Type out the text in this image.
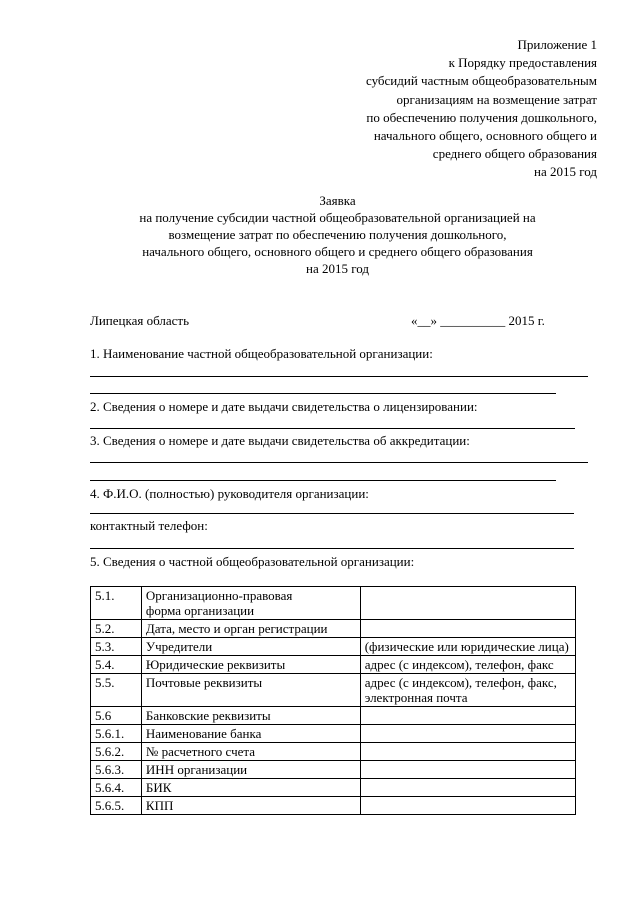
Приложение 1
к Порядку предоставления
субсидий частным общеобразовательным
организациям на возмещение затрат
по обеспечению получения дошкольного,
начального общего, основного общего и
среднего общего образования
на 2015 год
Заявка
на получение субсидии частной общеобразовательной организацией на
возмещение затрат по обеспечению получения дошкольного,
начального общего, основного общего и среднего общего образования
на 2015 год
Липецкая область	«__» __________ 2015 г.
1. Наименование частной общеобразовательной организации:
2. Сведения о номере и дате выдачи свидетельства о лицензировании:
3. Сведения о номере и дате выдачи свидетельства об аккредитации:
4. Ф.И.О. (полностью) руководителя организации:
контактный телефон:
5. Сведения о частной общеобразовательной организации:
5.1.	Организационно-правовая форма организации	

5.2.	Дата, место и орган регистрации	
5.3.	Учредители	(физические или юридические лица)
5.4.	Юридические реквизиты	адрес (с индексом), телефон, факс
5.5.	Почтовые реквизиты	адрес (с индексом), телефон, факс, электронная почта
5.6	Банковские реквизиты	
5.6.1.	Наименование банка	
5.6.2.	№ расчетного счета	
5.6.3.	ИНН организации	
5.6.4.	БИК	
5.6.5.	КПП	
